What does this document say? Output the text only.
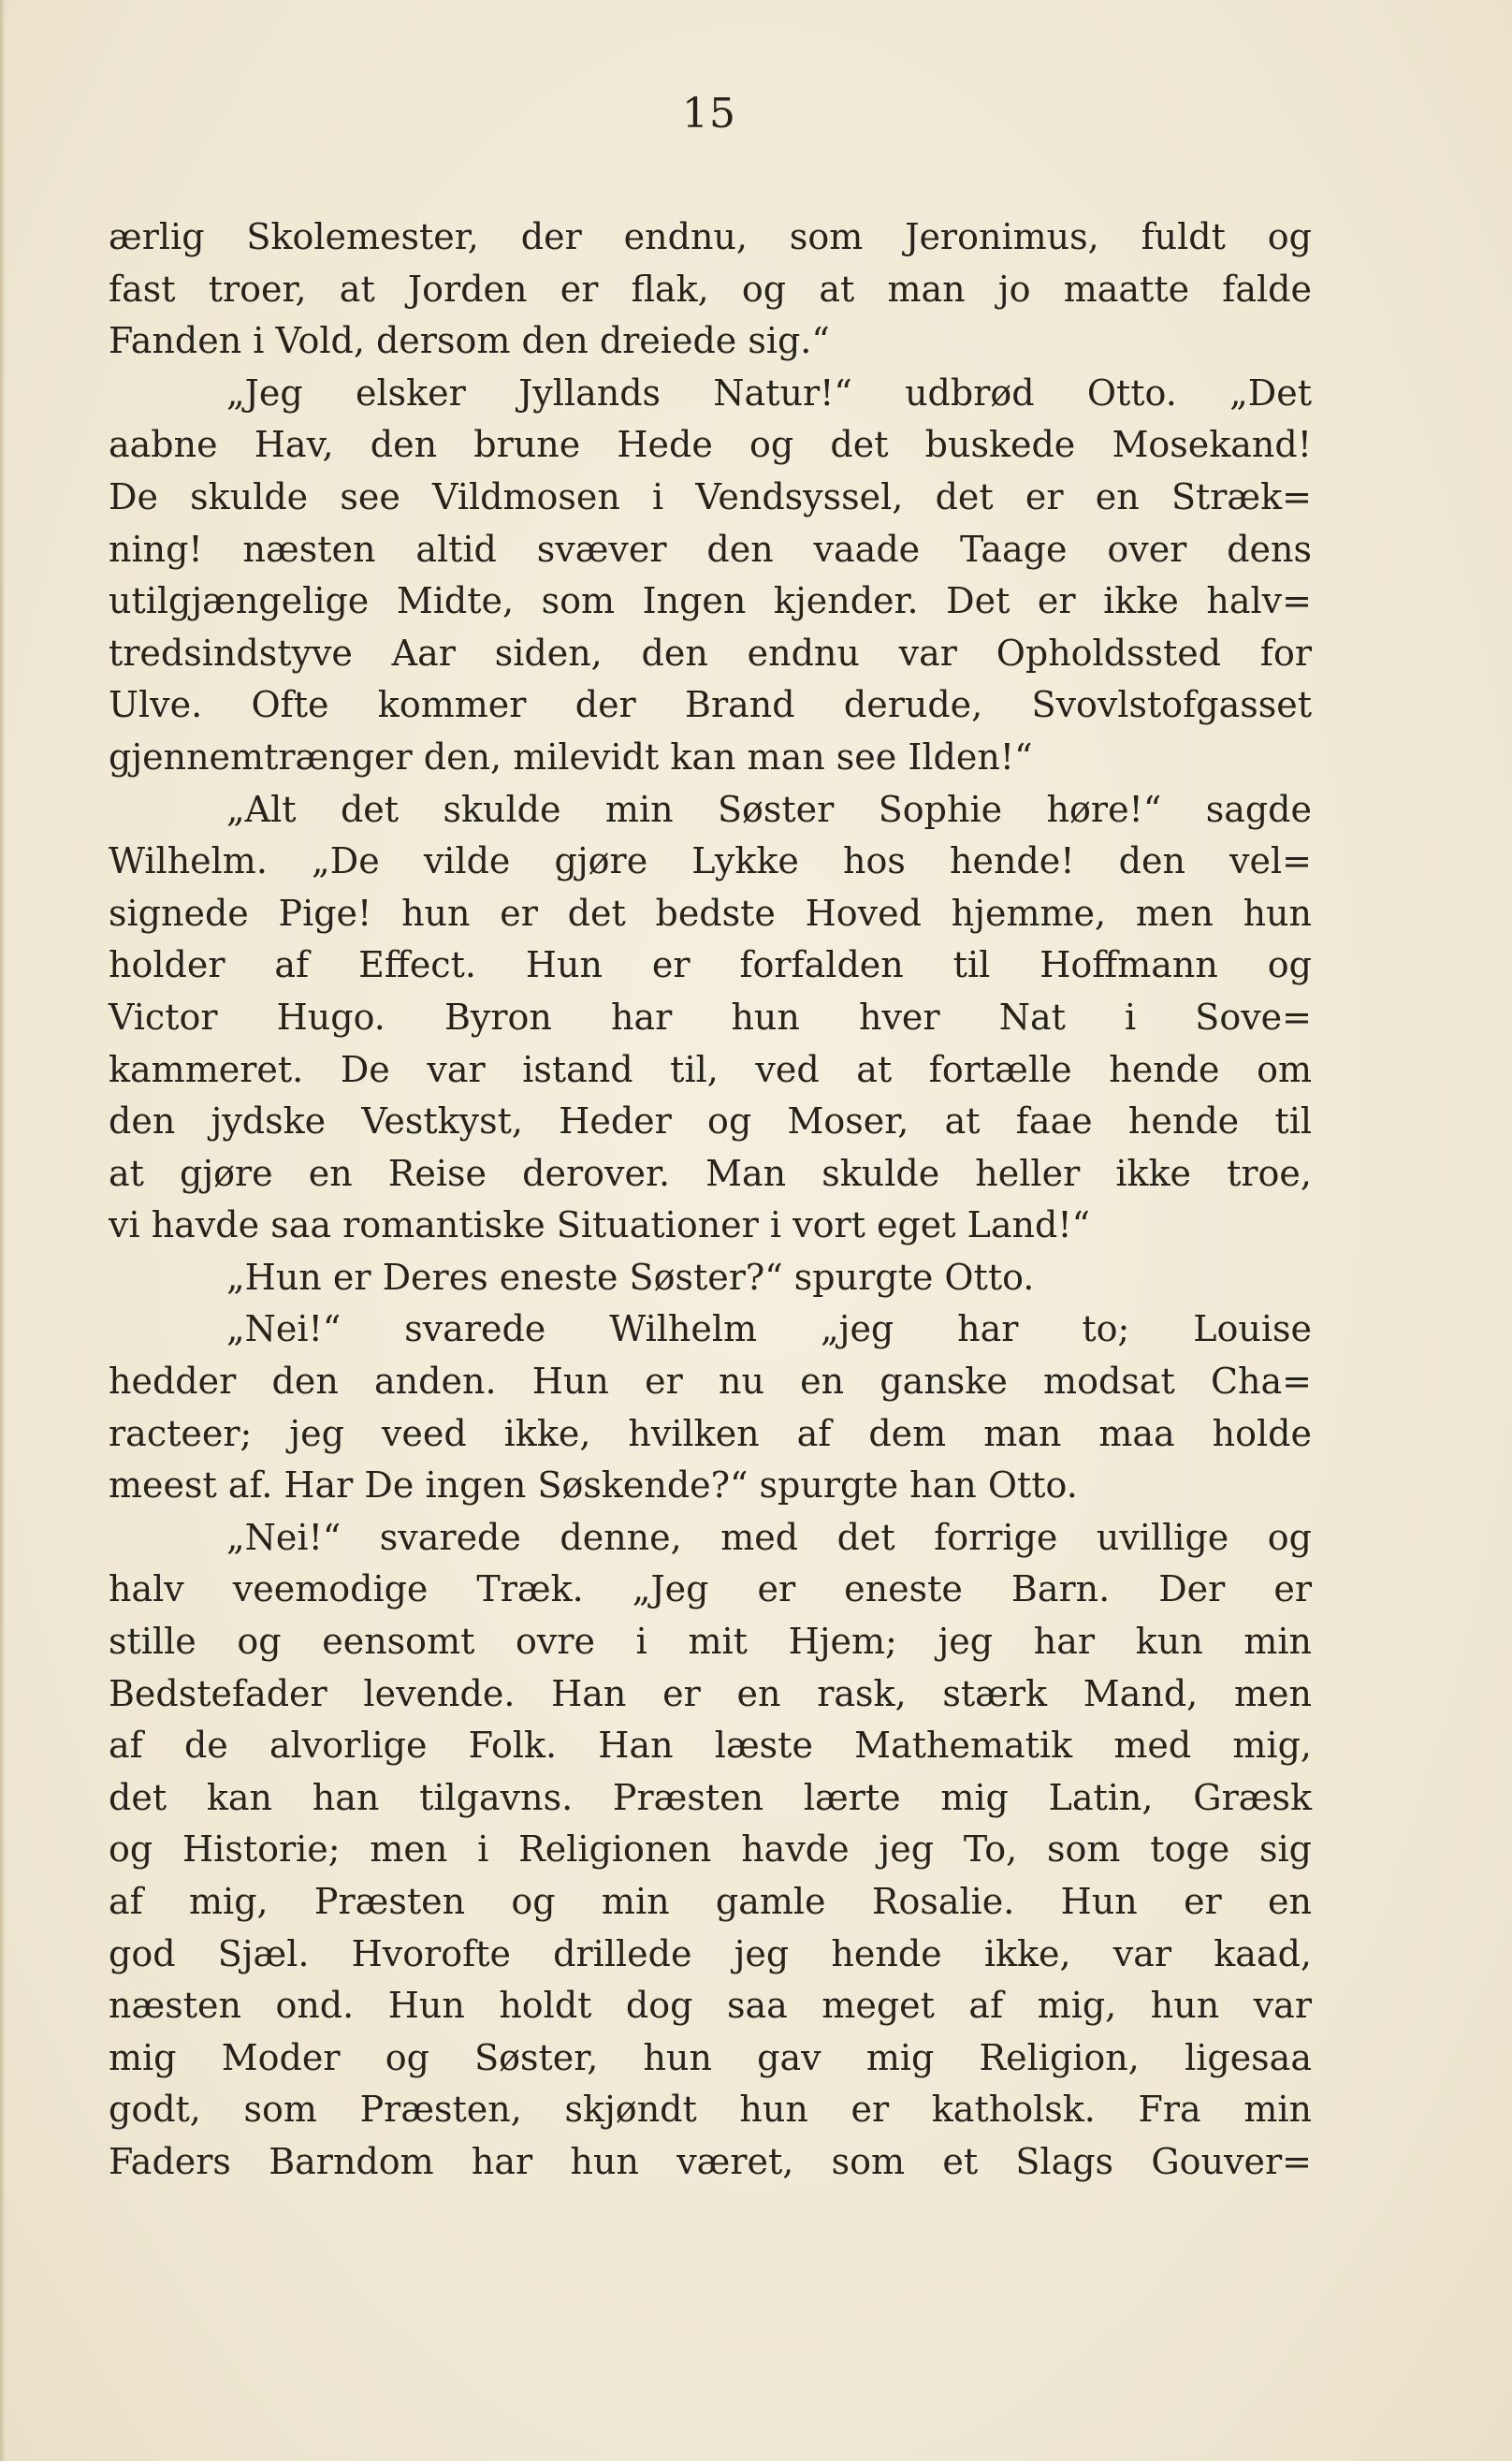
15
ærlig Skolemester, der endnu, som Jeronimus, fuldt og
fast troer, at Jorden er flak, og at man jo maatte falde
Fanden i Vold, dersom den dreiede sig.“
„Jeg elsker Jyllands Natur!“ udbrød Otto. „Det
aabne Hav, den brune Hede og det buskede Mosekand!
De skulde see Vildmosen i Vendsyssel, det er en Stræk=
ning! næsten altid svæver den vaade Taage over dens
utilgjængelige Midte, som Ingen kjender. Det er ikke halv=
tredsindstyve Aar siden, den endnu var Opholdssted for
Ulve. Ofte kommer der Brand derude, Svovlstofgasset
gjennemtrænger den, milevidt kan man see Ilden!“
„Alt det skulde min Søster Sophie høre!“ sagde
Wilhelm. „De vilde gjøre Lykke hos hende! den vel=
signede Pige! hun er det bedste Hoved hjemme, men hun
holder af Effect. Hun er forfalden til Hoffmann og
Victor Hugo. Byron har hun hver Nat i Sove=
kammeret. De var istand til, ved at fortælle hende om
den jydske Vestkyst, Heder og Moser, at faae hende til
at gjøre en Reise derover. Man skulde heller ikke troe,
vi havde saa romantiske Situationer i vort eget Land!“
„Hun er Deres eneste Søster?“ spurgte Otto.
„Nei!“ svarede Wilhelm „jeg har to; Louise
hedder den anden. Hun er nu en ganske modsat Cha=
racteer; jeg veed ikke, hvilken af dem man maa holde
meest af. Har De ingen Søskende?“ spurgte han Otto.
„Nei!“ svarede denne, med det forrige uvillige og
halv veemodige Træk. „Jeg er eneste Barn. Der er
stille og eensomt ovre i mit Hjem; jeg har kun min
Bedstefader levende. Han er en rask, stærk Mand, men
af de alvorlige Folk. Han læste Mathematik med mig,
det kan han tilgavns. Præsten lærte mig Latin, Græsk
og Historie; men i Religionen havde jeg To, som toge sig
af mig, Præsten og min gamle Rosalie. Hun er en
god Sjæl. Hvorofte drillede jeg hende ikke, var kaad,
næsten ond. Hun holdt dog saa meget af mig, hun var
mig Moder og Søster, hun gav mig Religion, ligesaa
godt, som Præsten, skjøndt hun er katholsk. Fra min
Faders Barndom har hun været, som et Slags Gouver=
